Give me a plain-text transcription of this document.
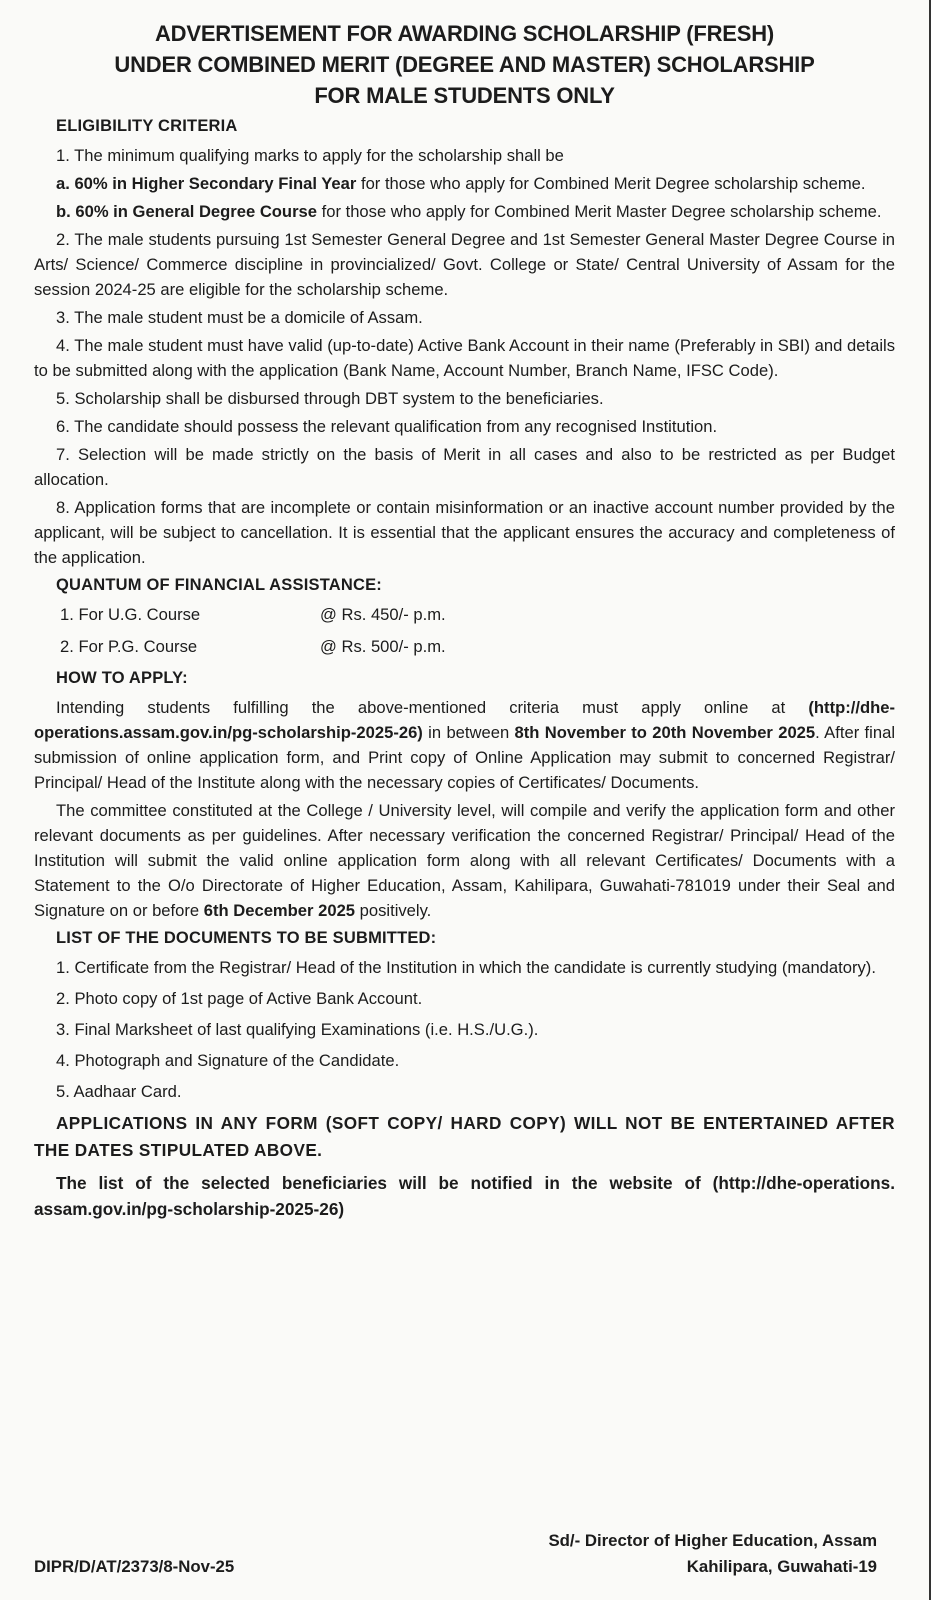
ADVERTISEMENT FOR AWARDING SCHOLARSHIP (FRESH)
UNDER COMBINED MERIT (DEGREE AND MASTER) SCHOLARSHIP
FOR MALE STUDENTS ONLY
ELIGIBILITY CRITERIA
1. The minimum qualifying marks to apply for the scholarship shall be
a. 60% in Higher Secondary Final Year for those who apply for Combined Merit Degree scholarship scheme.
b. 60% in General Degree Course for those who apply for Combined Merit Master Degree scholarship scheme.
2. The male students pursuing 1st Semester General Degree and 1st Semester General Master Degree Course in Arts/ Science/ Commerce discipline in provincialized/ Govt. College or State/ Central University of Assam for the session 2024-25 are eligible for the scholarship scheme.
3. The male student must be a domicile of Assam.
4. The male student must have valid (up-to-date) Active Bank Account in their name (Preferably in SBI) and details to be submitted along with the application (Bank Name, Account Number, Branch Name, IFSC Code).
5. Scholarship shall be disbursed through DBT system to the beneficiaries.
6. The candidate should possess the relevant qualification from any recognised Institution.
7. Selection will be made strictly on the basis of Merit in all cases and also to be restricted as per Budget allocation.
8. Application forms that are incomplete or contain misinformation or an inactive account number provided by the applicant, will be subject to cancellation. It is essential that the applicant ensures the accuracy and completeness of the application.
QUANTUM OF FINANCIAL ASSISTANCE:
1. For U.G. Course	@ Rs. 450/- p.m.
2. For P.G. Course	@ Rs. 500/- p.m.
HOW TO APPLY:
Intending students fulfilling the above-mentioned criteria must apply online at (http://dhe-operations.assam.gov.in/pg-scholarship-2025-26) in between 8th November to 20th November 2025. After final submission of online application form, and Print copy of Online Application may submit to concerned Registrar/ Principal/ Head of the Institute along with the necessary copies of Certificates/ Documents.
The committee constituted at the College / University level, will compile and verify the application form and other relevant documents as per guidelines. After necessary verification the concerned Registrar/ Principal/ Head of the Institution will submit the valid online application form along with all relevant Certificates/ Documents with a Statement to the O/o Directorate of Higher Education, Assam, Kahilipara, Guwahati-781019 under their Seal and Signature on or before 6th December 2025 positively.
LIST OF THE DOCUMENTS TO BE SUBMITTED:
1. Certificate from the Registrar/ Head of the Institution in which the candidate is currently studying (mandatory).
2. Photo copy of 1st page of Active Bank Account.
3. Final Marksheet of last qualifying Examinations (i.e. H.S./U.G.).
4. Photograph and Signature of the Candidate.
5. Aadhaar Card.
APPLICATIONS IN ANY FORM (SOFT COPY/ HARD COPY) WILL NOT BE ENTERTAINED AFTER THE DATES STIPULATED ABOVE.
The list of the selected beneficiaries will be notified in the website of (http://dhe-operations. assam.gov.in/pg-scholarship-2025-26)
Sd/- Director of Higher Education, Assam
Kahilipara, Guwahati-19
DIPR/D/AT/2373/8-Nov-25
